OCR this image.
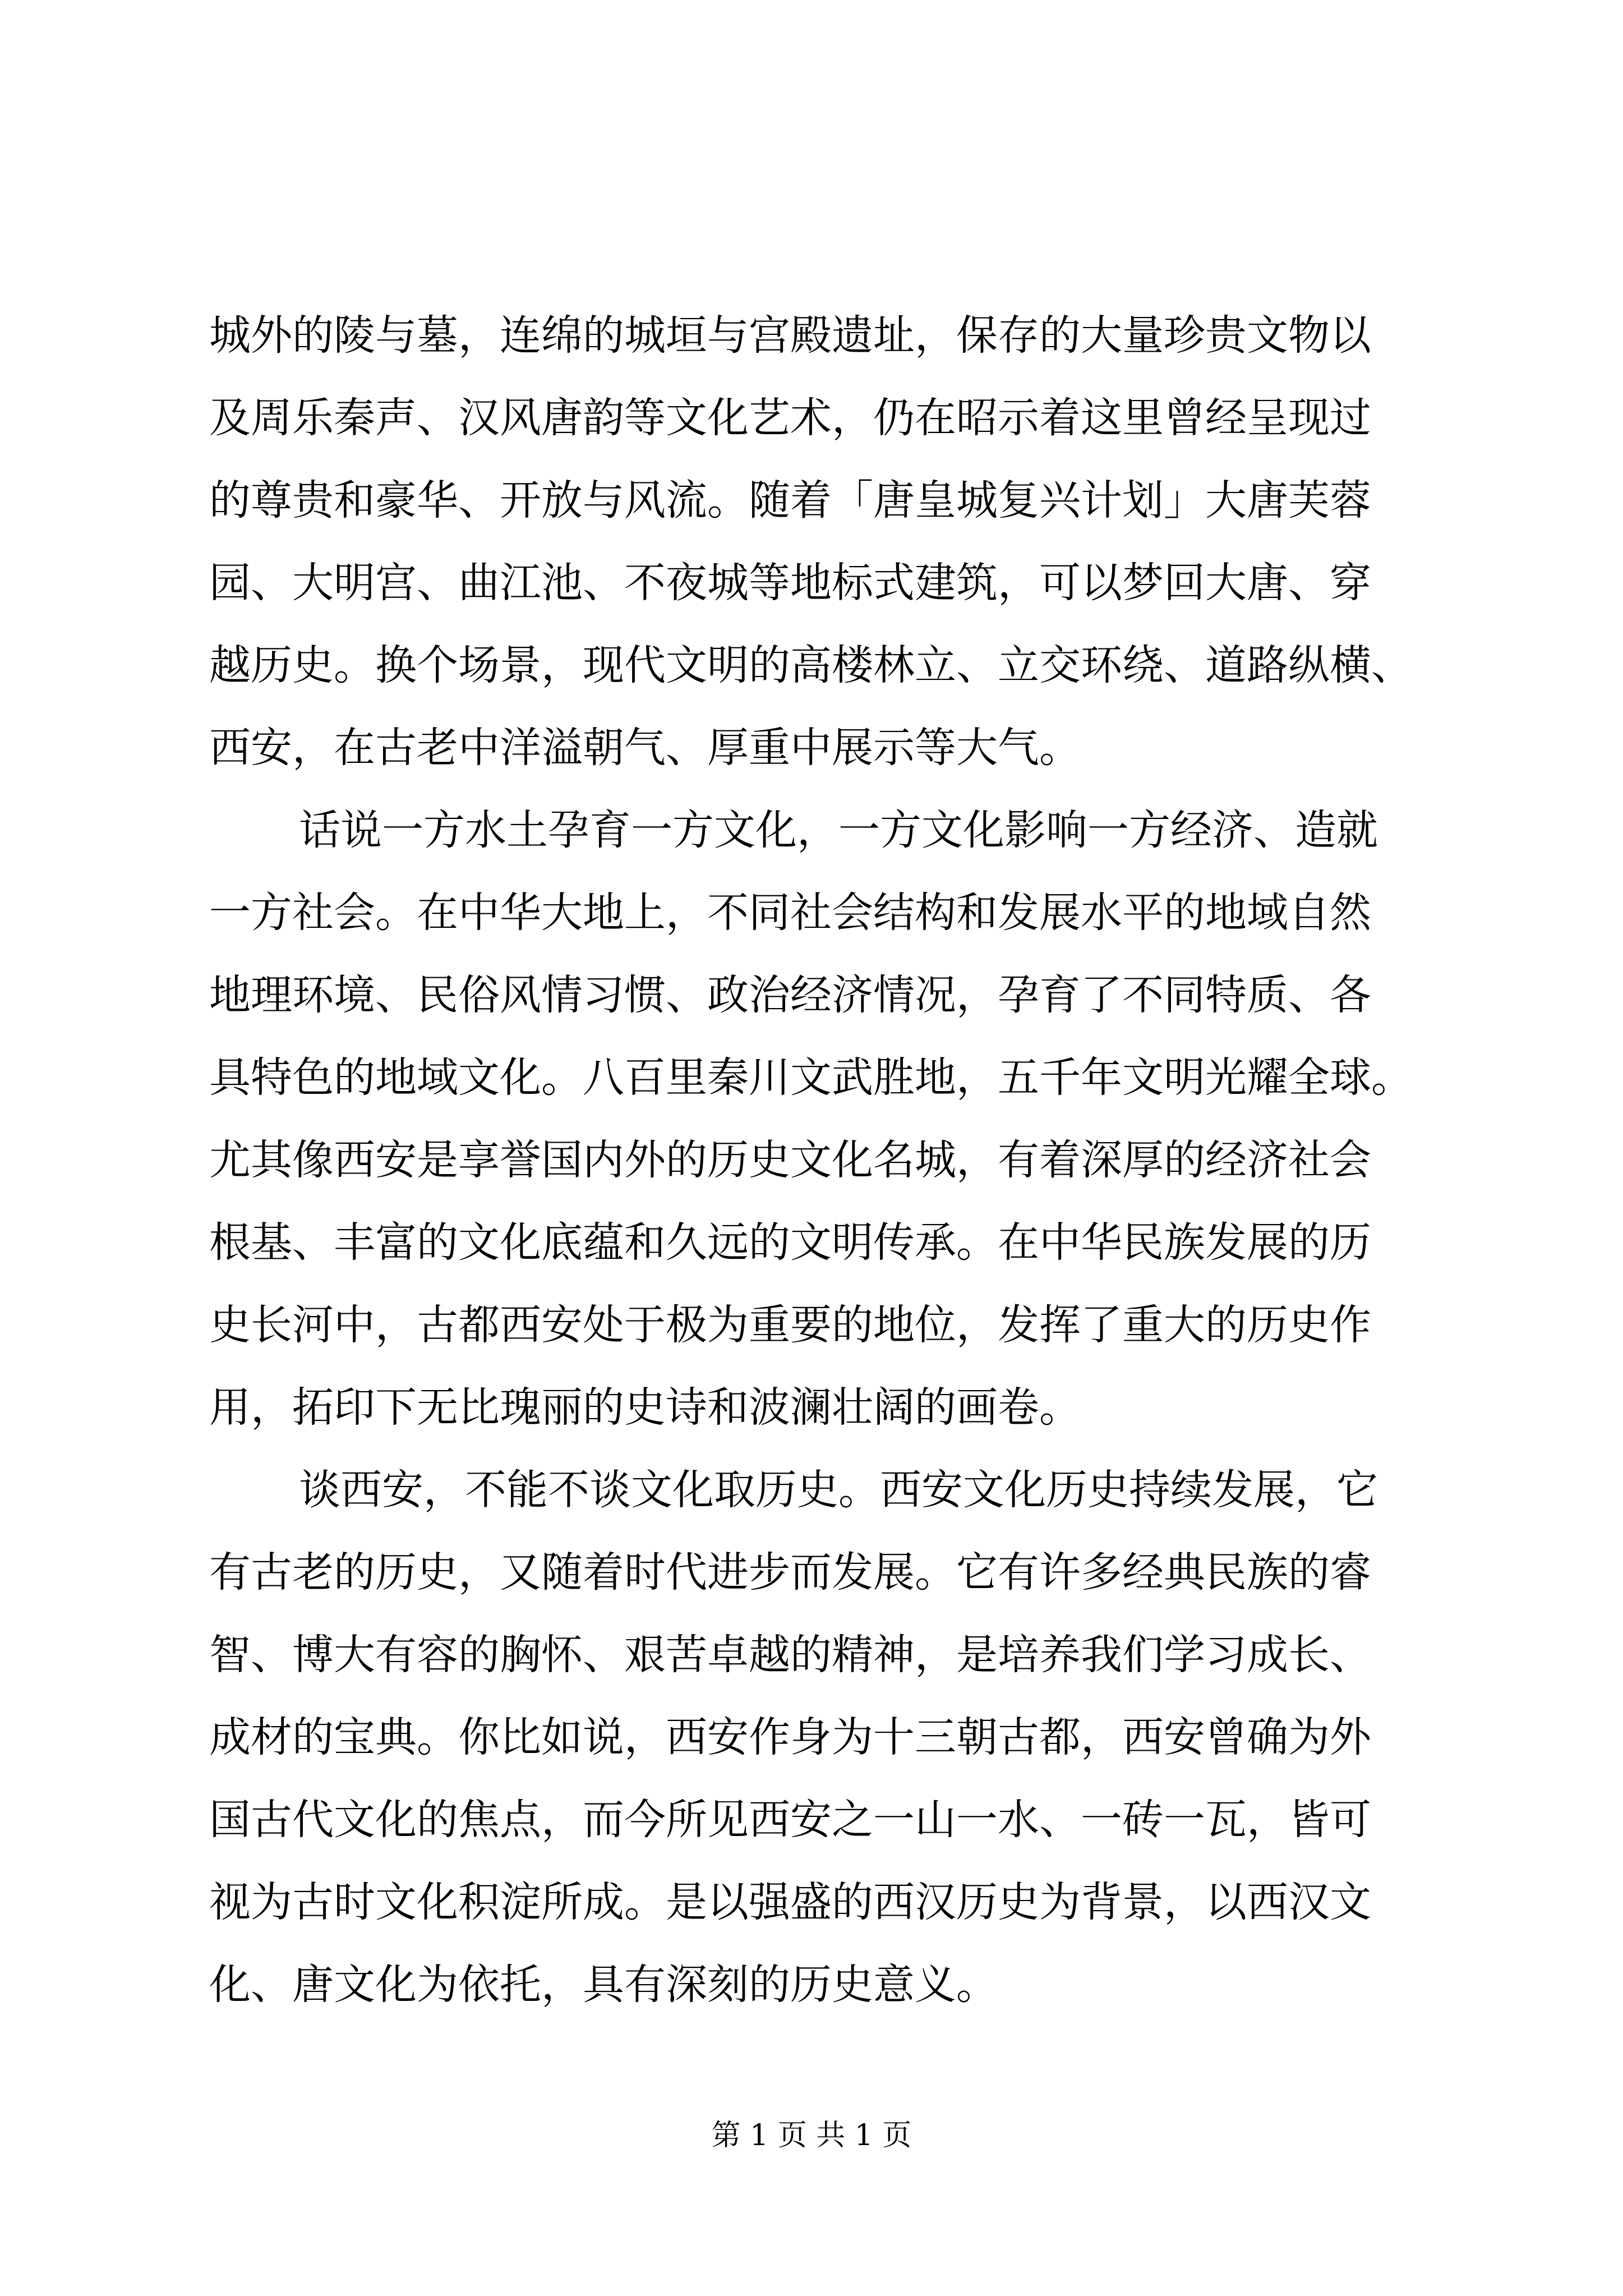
城外的陵与墓，连绵的城垣与宫殿遗址，保存的大量珍贵文物以
及周乐秦声、汉风唐韵等文化艺术，仍在昭示着这里曾经呈现过
的尊贵和豪华、开放与风流。随着「唐皇城复兴计划」大唐芙蓉
园、大明宫、曲江池、不夜城等地标式建筑，可以梦回大唐、穿
越历史。换个场景，现代文明的高楼林立、立交环绕、道路纵横、
西安，在古老中洋溢朝气、厚重中展示等大气。
话说一方水土孕育一方文化，一方文化影响一方经济、造就
一方社会。在中华大地上，不同社会结构和发展水平的地域自然
地理环境、民俗风情习惯、政治经济情况，孕育了不同特质、各
具特色的地域文化。八百里秦川文武胜地，五千年文明光耀全球。
尤其像西安是享誉国内外的历史文化名城，有着深厚的经济社会
根基、丰富的文化底蕴和久远的文明传承。在中华民族发展的历
史长河中，古都西安处于极为重要的地位，发挥了重大的历史作
用，拓印下无比瑰丽的史诗和波澜壮阔的画卷。
谈西安，不能不谈文化取历史。西安文化历史持续发展，它
有古老的历史，又随着时代进步而发展。它有许多经典民族的睿
智、博大有容的胸怀、艰苦卓越的精神，是培养我们学习成长、
成材的宝典。你比如说，西安作身为十三朝古都，西安曾确为外
国古代文化的焦点，而今所见西安之一山一水、一砖一瓦，皆可
视为古时文化积淀所成。是以强盛的西汉历史为背景，以西汉文
化、唐文化为依托，具有深刻的历史意义。
第 1 页 共 1 页
